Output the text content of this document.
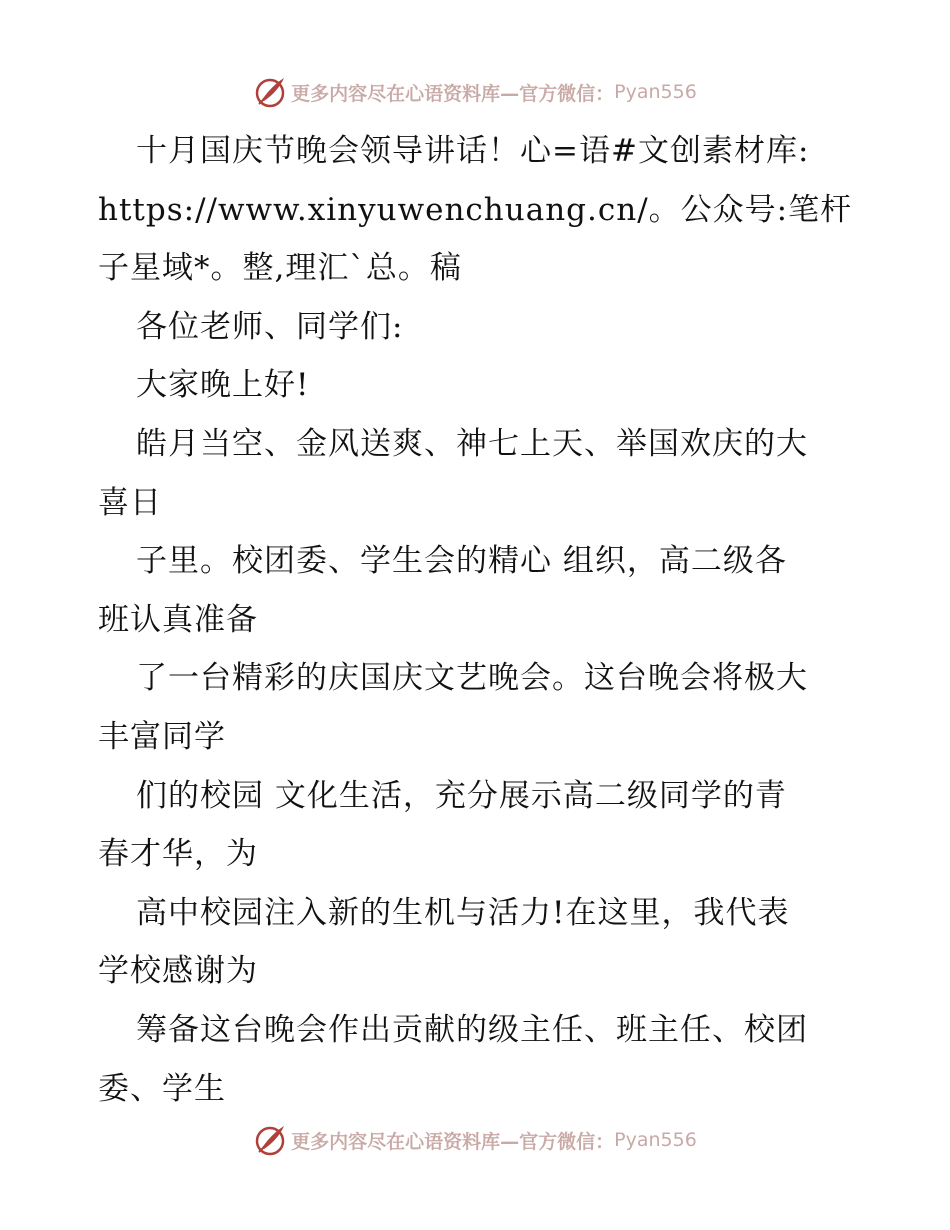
更多内容尽在心语资料库—官方微信： Pyan556
十月国庆节晚会领导讲话！心=语#文创素材库:
https://www.xinyuwenchuang.cn/。公众号:笔杆
子星域*。整,理汇`总。稿
各位老师、同学们:
大家晚上好!
皓月当空、金风送爽、神七上天、举国欢庆的大
喜日
子里。校团委、学生会的精心 组织，高二级各
班认真准备
了一台精彩的庆国庆文艺晚会。这台晚会将极大
丰富同学
们的校园 文化生活，充分展示高二级同学的青
春才华，为
高中校园注入新的生机与活力!在这里，我代表
学校感谢为
筹备这台晚会作出贡献的级主任、班主任、校团
委、学生
更多内容尽在心语资料库—官方微信： Pyan556
